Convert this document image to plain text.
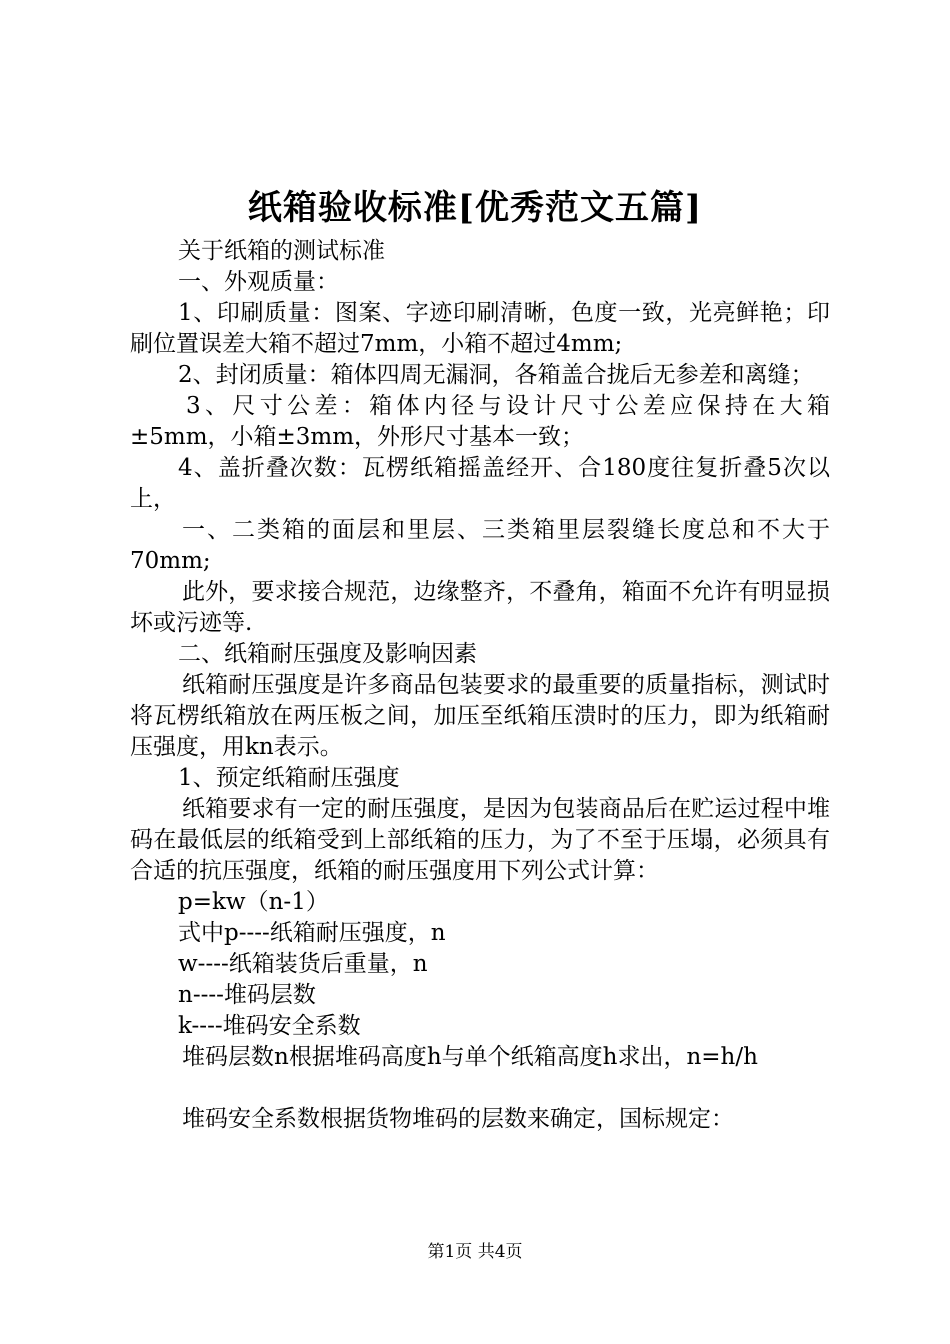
纸箱验收标准[优秀范文五篇]

关于纸箱的测试标准

一、外观质量：

1、印刷质量：图案、字迹印刷清晰，色度一致，光亮鲜艳；印刷位置误差大箱不超过7mm，小箱不超过4mm;

2、封闭质量：箱体四周无漏洞，各箱盖合拢后无参差和离缝；

3、尺寸公差：箱体内径与设计尺寸公差应保持在大箱±5mm，小箱±3mm，外形尺寸基本一致；

4、盖折叠次数：瓦楞纸箱摇盖经开、合180度往复折叠5次以上，

一、二类箱的面层和里层、三类箱里层裂缝长度总和不大于70mm;

此外，要求接合规范，边缘整齐，不叠角，箱面不允许有明显损坏或污迹等.

二、纸箱耐压强度及影响因素

纸箱耐压强度是许多商品包装要求的最重要的质量指标，测试时将瓦楞纸箱放在两压板之间，加压至纸箱压溃时的压力，即为纸箱耐压强度，用kn表示。

1、预定纸箱耐压强度

纸箱要求有一定的耐压强度，是因为包装商品后在贮运过程中堆码在最低层的纸箱受到上部纸箱的压力，为了不至于压塌，必须具有合适的抗压强度，纸箱的耐压强度用下列公式计算：

p=kw（n-1）

式中p----纸箱耐压强度，n

w----纸箱装货后重量，n

n----堆码层数

k----堆码安全系数

堆码层数n根据堆码高度h与单个纸箱高度h求出，n=h/h

堆码安全系数根据货物堆码的层数来确定，国标规定：

第1页 共4页
